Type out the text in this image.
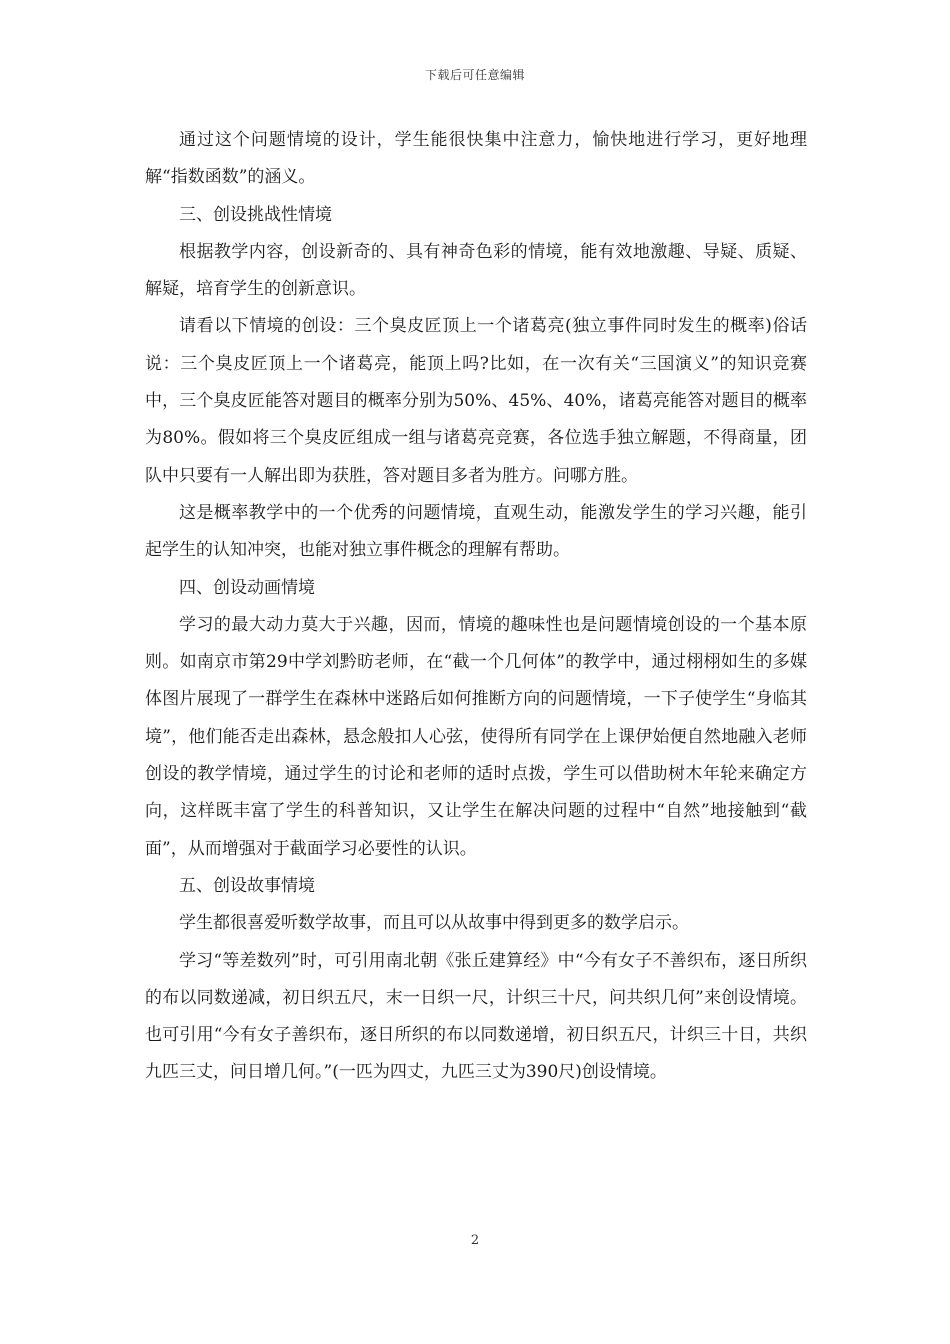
下载后可任意编辑

通过这个问题情境的设计，学生能很快集中注意力，愉快地进行学习，更好地理解“指数函数”的涵义。

三、创设挑战性情境

根据教学内容，创设新奇的、具有神奇色彩的情境，能有效地激趣、导疑、质疑、解疑，培育学生的创新意识。

请看以下情境的创设：三个臭皮匠顶上一个诸葛亮(独立事件同时发生的概率)俗话说：三个臭皮匠顶上一个诸葛亮，能顶上吗?比如，在一次有关“三国演义”的知识竞赛中，三个臭皮匠能答对题目的概率分别为50%、45%、40%，诸葛亮能答对题目的概率为80%。假如将三个臭皮匠组成一组与诸葛亮竞赛，各位选手独立解题，不得商量，团队中只要有一人解出即为获胜，答对题目多者为胜方。问哪方胜。

这是概率教学中的一个优秀的问题情境，直观生动，能激发学生的学习兴趣，能引起学生的认知冲突，也能对独立事件概念的理解有帮助。

四、创设动画情境

学习的最大动力莫大于兴趣，因而，情境的趣味性也是问题情境创设的一个基本原则。如南京市第29中学刘黔昉老师，在“截一个几何体”的教学中，通过栩栩如生的多媒体图片展现了一群学生在森林中迷路后如何推断方向的问题情境，一下子使学生“身临其境”，他们能否走出森林，悬念般扣人心弦，使得所有同学在上课伊始便自然地融入老师创设的教学情境，通过学生的讨论和老师的适时点拨，学生可以借助树木年轮来确定方向，这样既丰富了学生的科普知识，又让学生在解决问题的过程中“自然”地接触到“截面”，从而增强对于截面学习必要性的认识。

五、创设故事情境

学生都很喜爱听数学故事，而且可以从故事中得到更多的数学启示。

学习“等差数列”时，可引用南北朝《张丘建算经》中“今有女子不善织布，逐日所织的布以同数递减，初日织五尺，末一日织一尺，计织三十尺，问共织几何”来创设情境。也可引用“今有女子善织布，逐日所织的布以同数递增，初日织五尺，计织三十日，共织九匹三丈，问日增几何。”(一匹为四丈，九匹三丈为390尺)创设情境。

2
